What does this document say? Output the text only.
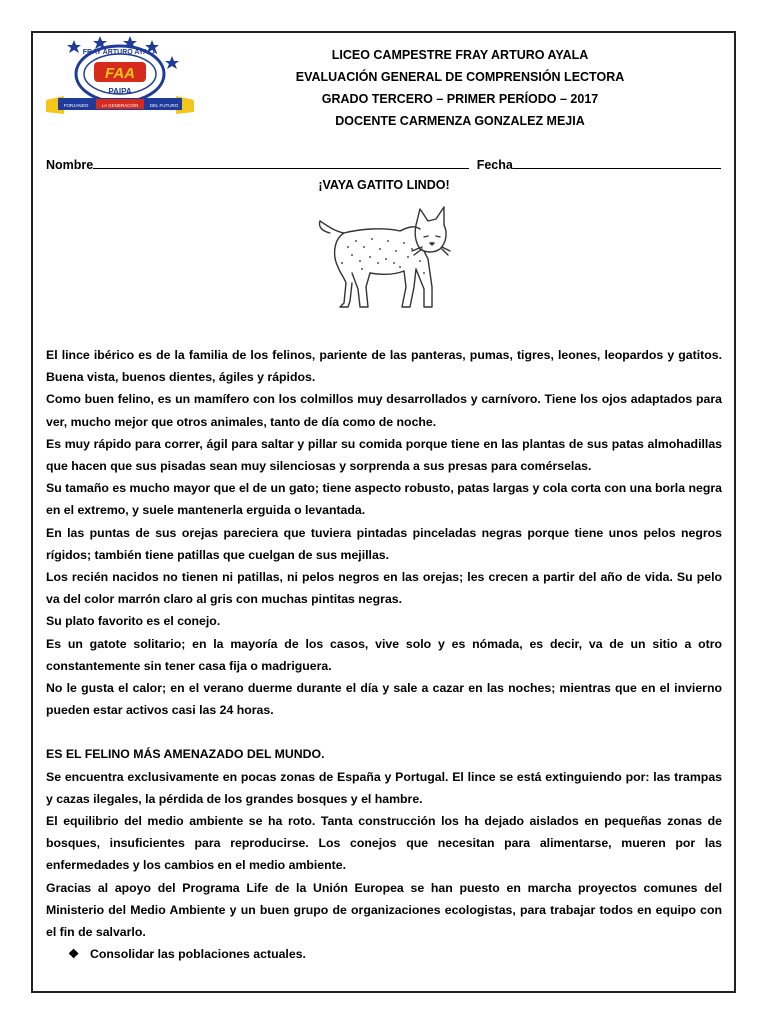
FRAY ARTURO AYALA
FAA
PAIPA
FORJANDO	LA GENERACIÓN	DEL FUTURO
LICEO CAMPESTRE FRAY ARTURO AYALA
EVALUACIÓN GENERAL DE COMPRENSIÓN LECTORA
GRADO TERCERO – PRIMER PERÍODO – 2017
DOCENTE CARMENZA GONZALEZ MEJIA
Nombre	Fecha
¡VAYA GATITO LINDO!

El lince ibérico es de la familia de los felinos, pariente de las panteras, pumas, tigres, leones, leopardos y gatitos. Buena vista, buenos dientes, ágiles y rápidos.

Como buen felino, es un mamífero con los colmillos muy desarrollados y carnívoro. Tiene los ojos adaptados para ver, mucho mejor que otros animales, tanto de día como de noche.

Es muy rápido para correr, ágil para saltar y pillar su comida porque tiene en las plantas de sus patas almohadillas que hacen que sus pisadas sean muy silenciosas y sorprenda a sus presas para comérselas.

Su tamaño es mucho mayor que el de un gato; tiene aspecto robusto, patas largas y cola corta con una borla negra en el extremo, y suele mantenerla erguida o levantada.

En las puntas de sus orejas pareciera que tuviera pintadas pinceladas negras porque tiene unos pelos negros rígidos; también tiene patillas que cuelgan de sus mejillas.

Los recién nacidos no tienen ni patillas, ni pelos negros en las orejas; les crecen a partir del año de vida. Su pelo va del color marrón claro al gris con muchas pintitas negras.

Su plato favorito es el conejo.

Es un gatote solitario; en la mayoría de los casos, vive solo y es nómada, es decir, va de un sitio a otro constantemente sin tener casa fija o madriguera.

No le gusta el calor; en el verano duerme durante el día y sale a cazar en las noches; mientras que en el invierno pueden estar activos casi las 24 horas.

ES EL FELINO MÁS AMENAZADO DEL MUNDO.

Se encuentra exclusivamente en pocas zonas de España y Portugal. El lince se está extinguiendo por: las trampas y cazas ilegales, la pérdida de los grandes bosques y el hambre.

El equilibrio del medio ambiente se ha roto. Tanta construcción los ha dejado aislados en pequeñas zonas de bosques, insuficientes para reproducirse. Los conejos que necesitan para alimentarse, mueren por las enfermedades y los cambios en el medio ambiente.

Gracias al apoyo del Programa Life de la Unión Europea se han puesto en marcha proyectos comunes del Ministerio del Medio Ambiente y un buen grupo de organizaciones ecologistas, para trabajar todos en equipo con el fin de salvarlo.

❖ Consolidar las poblaciones actuales.
